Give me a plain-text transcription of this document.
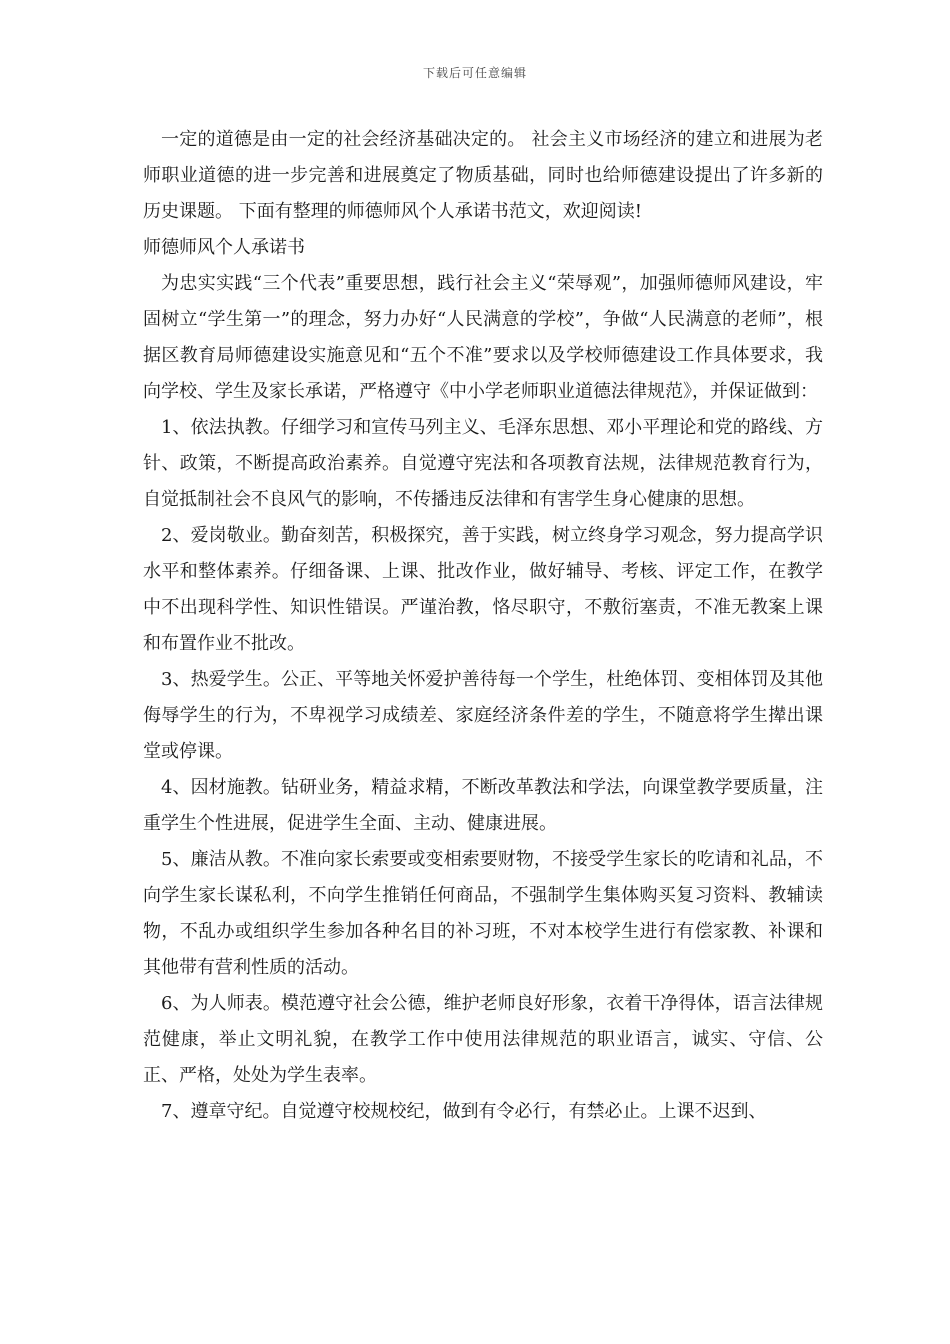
下载后可任意编辑

一定的道德是由一定的社会经济基础决定的。 社会主义市场经济的建立和进展为老师职业道德的进一步完善和进展奠定了物质基础，同时也给师德建设提出了许多新的历史课题。 下面有整理的师德师风个人承诺书范文，欢迎阅读!

师德师风个人承诺书

为忠实实践“三个代表”重要思想，践行社会主义“荣辱观”，加强师德师风建设，牢固树立“学生第一”的理念，努力办好“人民满意的学校”，争做“人民满意的老师”，根据区教育局师德建设实施意见和“五个不准”要求以及学校师德建设工作具体要求，我向学校、学生及家长承诺，严格遵守《中小学老师职业道德法律规范》，并保证做到：

1、依法执教。仔细学习和宣传马列主义、毛泽东思想、邓小平理论和党的路线、方针、政策，不断提高政治素养。自觉遵守宪法和各项教育法规，法律规范教育行为，自觉抵制社会不良风气的影响，不传播违反法律和有害学生身心健康的思想。

2、爱岗敬业。勤奋刻苦，积极探究，善于实践，树立终身学习观念，努力提高学识水平和整体素养。仔细备课、上课、批改作业，做好辅导、考核、评定工作，在教学中不出现科学性、知识性错误。严谨治教，恪尽职守，不敷衍塞责，不准无教案上课和布置作业不批改。

3、热爱学生。公正、平等地关怀爱护善待每一个学生，杜绝体罚、变相体罚及其他侮辱学生的行为，不卑视学习成绩差、家庭经济条件差的学生，不随意将学生撵出课堂或停课。

4、因材施教。钻研业务，精益求精，不断改革教法和学法，向课堂教学要质量，注重学生个性进展，促进学生全面、主动、健康进展。

5、廉洁从教。不准向家长索要或变相索要财物，不接受学生家长的吃请和礼品，不向学生家长谋私利，不向学生推销任何商品，不强制学生集体购买复习资料、教辅读物，不乱办或组织学生参加各种名目的补习班，不对本校学生进行有偿家教、补课和其他带有营利性质的活动。

6、为人师表。模范遵守社会公德，维护老师良好形象，衣着干净得体，语言法律规范健康，举止文明礼貌，在教学工作中使用法律规范的职业语言，诚实、守信、公正、严格，处处为学生表率。

7、遵章守纪。自觉遵守校规校纪，做到有令必行，有禁必止。上课不迟到、
